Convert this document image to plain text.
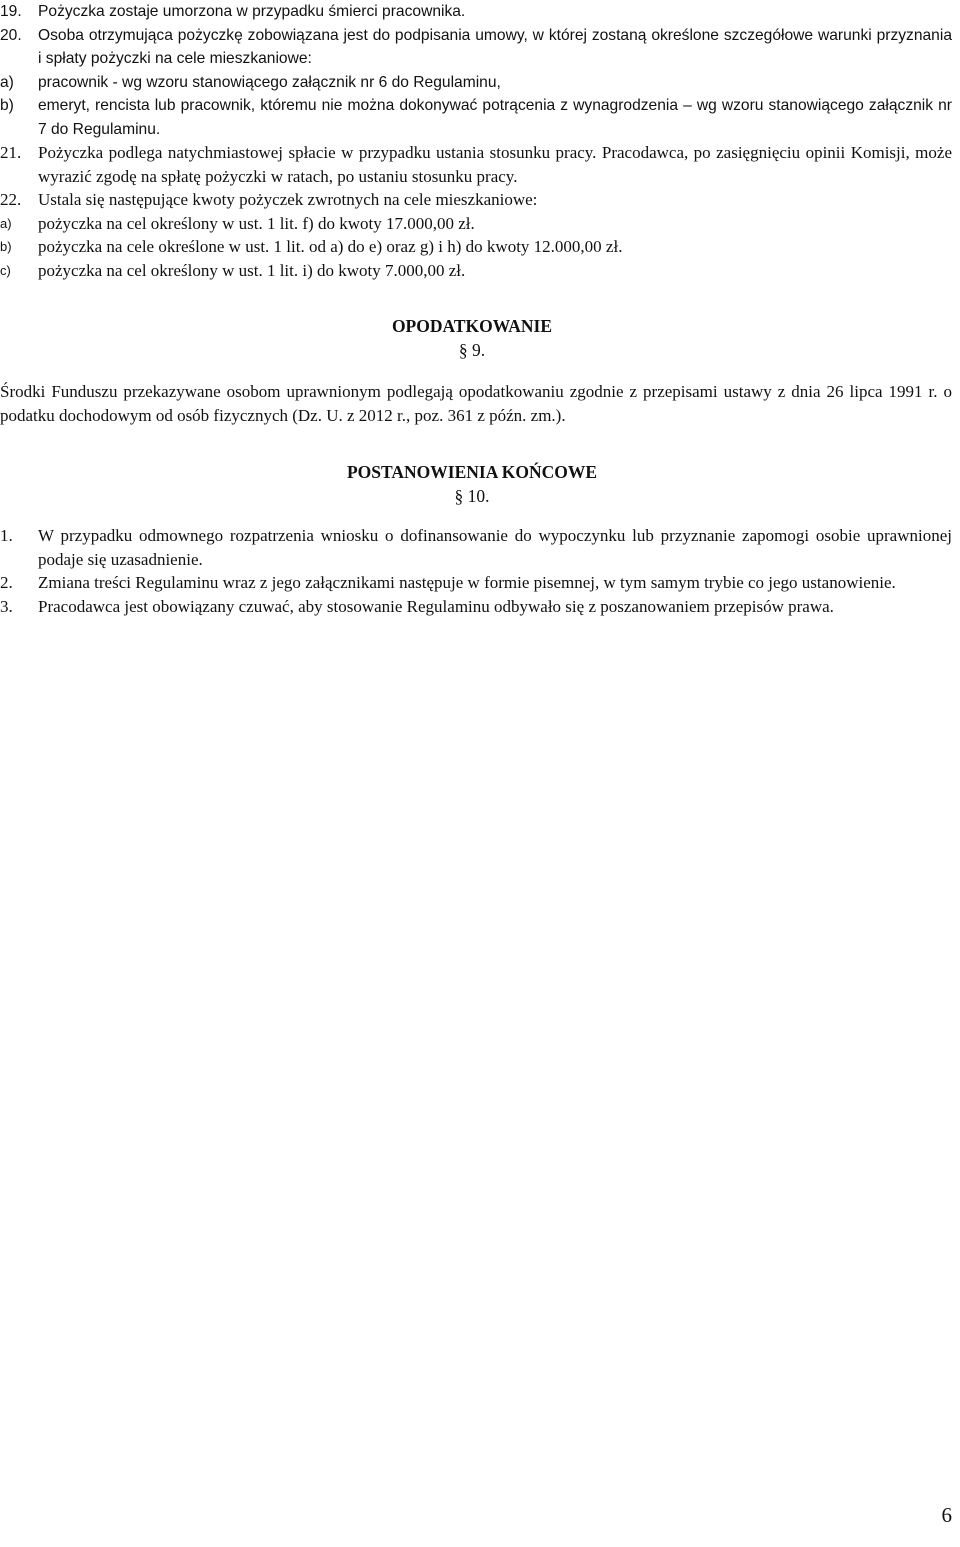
19. Pożyczka zostaje umorzona w przypadku śmierci pracownika.
20. Osoba otrzymująca pożyczkę zobowiązana jest do podpisania umowy, w której zostaną określone szczegółowe warunki przyznania i spłaty pożyczki na cele mieszkaniowe:
a) pracownik - wg wzoru stanowiącego załącznik nr 6 do Regulaminu,
b) emeryt, rencista lub pracownik, któremu nie można dokonywać potrącenia z wynagrodzenia – wg wzoru stanowiącego załącznik nr 7 do Regulaminu.
21. Pożyczka podlega natychmiastowej spłacie w przypadku ustania stosunku pracy. Pracodawca, po zasięgnięciu opinii Komisji, może wyrazić zgodę na spłatę pożyczki w ratach, po ustaniu stosunku pracy.
22. Ustala się następujące kwoty pożyczek zwrotnych na cele mieszkaniowe:
a) pożyczka na cel określony w ust. 1 lit. f) do kwoty 17.000,00 zł.
b) pożyczka na cele określone w ust. 1 lit. od a) do e) oraz g) i h) do kwoty 12.000,00 zł.
c) pożyczka na cel określony w ust. 1 lit. i) do kwoty 7.000,00 zł.
OPODATKOWANIE
§ 9.
Środki Funduszu przekazywane osobom uprawnionym podlegają opodatkowaniu zgodnie z przepisami ustawy z dnia 26 lipca 1991 r. o podatku dochodowym od osób fizycznych (Dz. U. z 2012 r., poz. 361 z późn. zm.).
POSTANOWIENIA KOŃCOWE
§ 10.
1. W przypadku odmownego rozpatrzenia wniosku o dofinansowanie do wypoczynku lub przyznanie zapomogi osobie uprawnionej podaje się uzasadnienie.
2. Zmiana treści Regulaminu wraz z jego załącznikami następuje w formie pisemnej, w tym samym trybie co jego ustanowienie.
3. Pracodawca jest obowiązany czuwać, aby stosowanie Regulaminu odbywało się z poszanowaniem przepisów prawa.
6
